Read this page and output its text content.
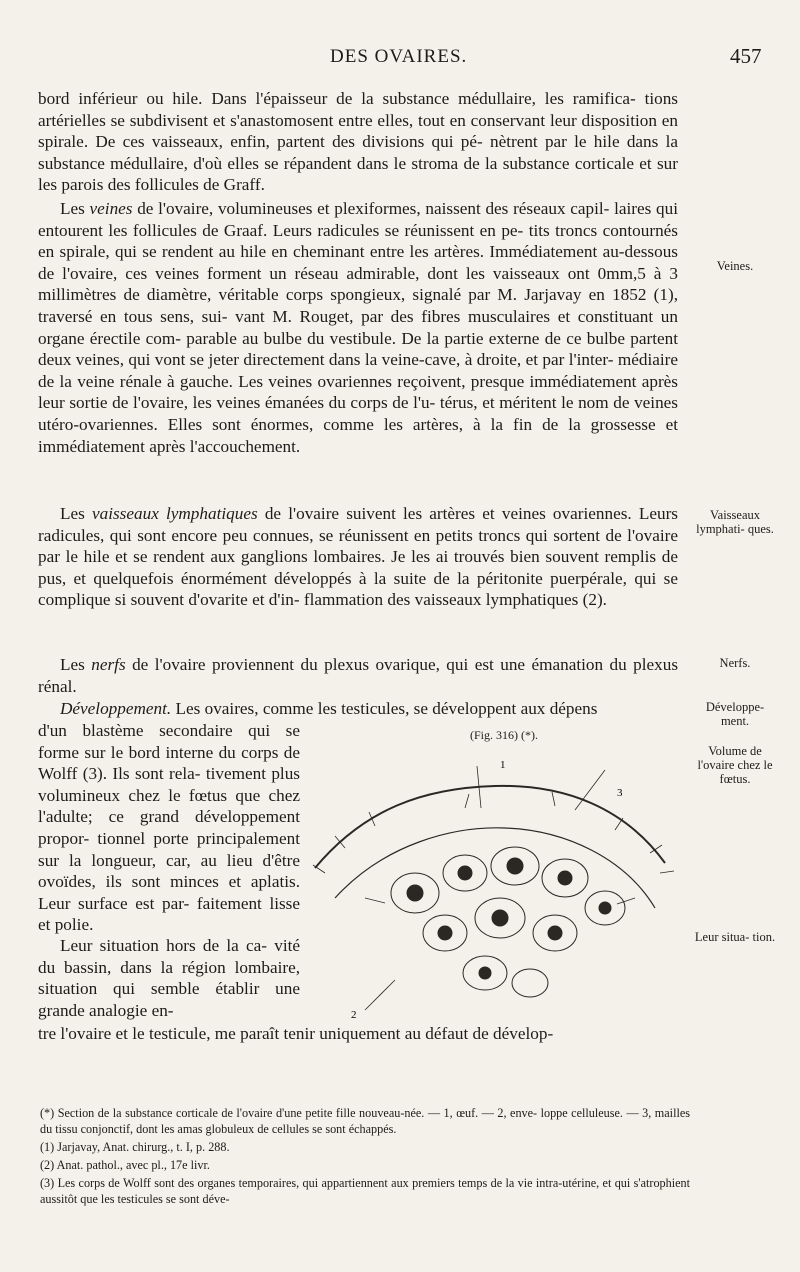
DES OVAIRES.	457

bord inférieur ou hile. Dans l'épaisseur de la substance médullaire, les ramifica- tions artérielles se subdivisent et s'anastomosent entre elles, tout en conservant leur disposition en spirale. De ces vaisseaux, enfin, partent des divisions qui pé- nètrent par le hile dans la substance médullaire, d'où elles se répandent dans le stroma de la substance corticale et sur les parois des follicules de Graff.

Les veines de l'ovaire, volumineuses et plexiformes, naissent des réseaux capil- laires qui entourent les follicules de Graaf. Leurs radicules se réunissent en pe- tits troncs contournés en spirale, qui se rendent au hile en cheminant entre les artères. Immédiatement au-dessous de l'ovaire, ces veines forment un réseau admirable, dont les vaisseaux ont 0mm,5 à 3 millimètres de diamètre, véritable corps spongieux, signalé par M. Jarjavay en 1852 (1), traversé en tous sens, sui- vant M. Rouget, par des fibres musculaires et constituant un organe érectile com- parable au bulbe du vestibule. De la partie externe de ce bulbe partent deux veines, qui vont se jeter directement dans la veine-cave, à droite, et par l'inter- médiaire de la veine rénale à gauche. Les veines ovariennes reçoivent, presque immédiatement après leur sortie de l'ovaire, les veines émanées du corps de l'u- térus, et méritent le nom de veines utéro-ovariennes. Elles sont énormes, comme les artères, à la fin de la grossesse et immédiatement après l'accouchement.

Les vaisseaux lymphatiques de l'ovaire suivent les artères et veines ovariennes. Leurs radicules, qui sont encore peu connues, se réunissent en petits troncs qui sortent de l'ovaire par le hile et se rendent aux ganglions lombaires. Je les ai trouvés bien souvent remplis de pus, et quelquefois énormément développés à la suite de la péritonite puerpérale, qui se complique si souvent d'ovarite et d'in- flammation des vaisseaux lymphatiques (2).

Les nerfs de l'ovaire proviennent du plexus ovarique, qui est une émanation du plexus rénal.

Développement. Les ovaires, comme les testicules, se développent aux dépens

d'un blastème secondaire qui se forme sur le bord interne du corps de Wolff (3). Ils sont rela- tivement plus volumineux chez le fœtus que chez l'adulte; ce grand développement propor- tionnel porte principalement sur la longueur, car, au lieu d'être ovoïdes, ils sont minces et aplatis. Leur surface est par- faitement lisse et polie.

Leur situation hors de la ca- vité du bassin, dans la région lombaire, situation qui semble établir une grande analogie en-

tre l'ovaire et le testicule, me paraît tenir uniquement au défaut de dévelop-

Veines.
Vaisseaux lymphati- ques.
Nerfs.
Développe- ment.
Volume de l'ovaire chez le fœtus.
Leur situa- tion.
(Fig. 316) (*).
1
3
2

(*) Section de la substance corticale de l'ovaire d'une petite fille nouveau-née. — 1, œuf. — 2, enve- loppe celluleuse. — 3, mailles du tissu conjonctif, dont les amas globuleux de cellules se sont échappés.

(1) Jarjavay, Anat. chirurg., t. I, p. 288.

(2) Anat. pathol., avec pl., 17e livr.

(3) Les corps de Wolff sont des organes temporaires, qui appartiennent aux premiers temps de la vie intra-utérine, et qui s'atrophient aussitôt que les testicules se sont déve-
